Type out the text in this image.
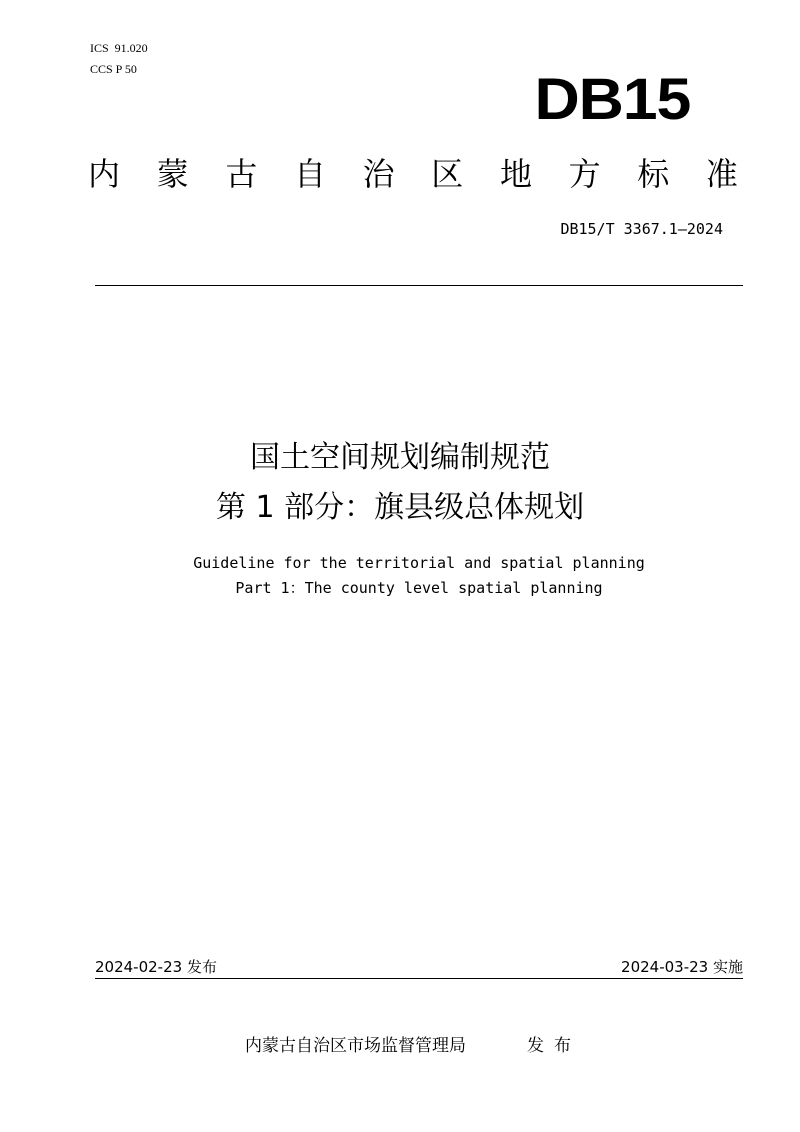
ICS  91.020
CCS P 50	DB15
内 蒙 古 自 治 区 地 方 标 准
DB15/T 3367.1—2024
国土空间规划编制规范
第 1 部分：旗县级总体规划
Guideline for the territorial and spatial planning
Part 1：The county level spatial planning
2024-02-23 发布	2024-03-23 实施
内蒙古自治区市场监督管理局	发布
